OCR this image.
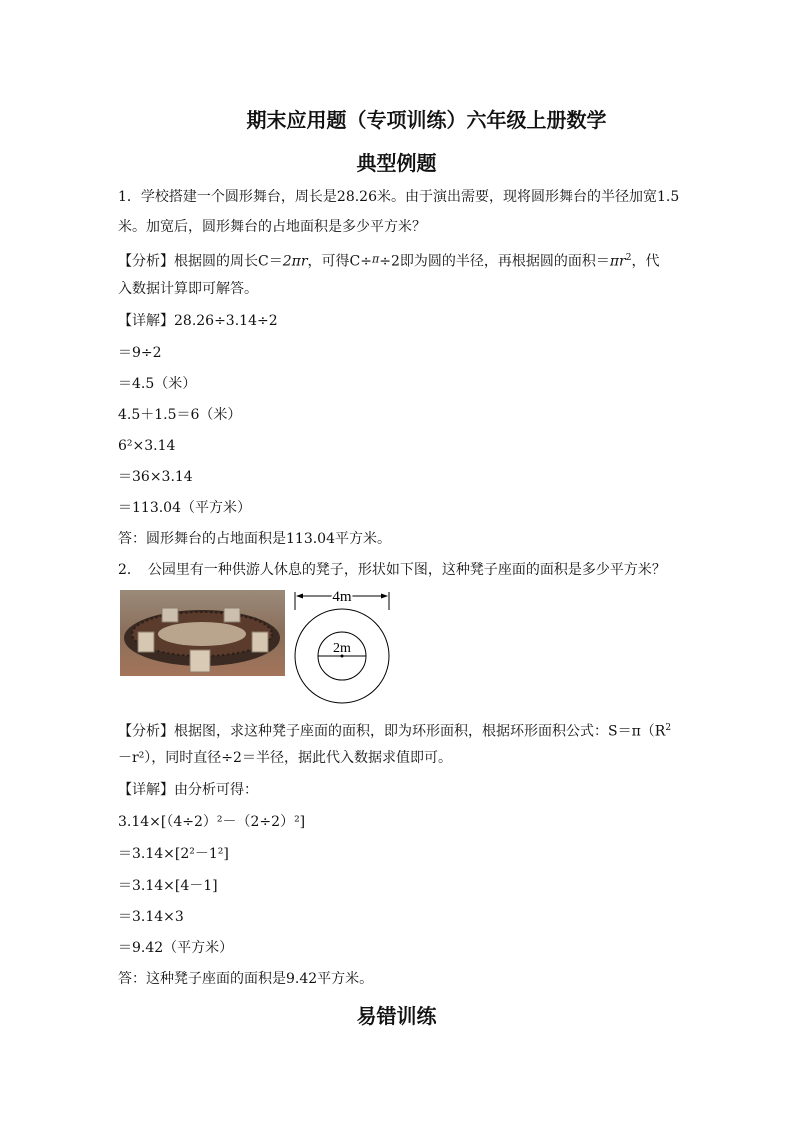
期末应用题（专项训练）六年级上册数学
典型例题

1．学校搭建一个圆形舞台，周长是28.26米。由于演出需要，现将圆形舞台的半径加宽1.5

米。加宽后，圆形舞台的占地面积是多少平方米？

【分析】根据圆的周长C＝2πr，可得C÷$^\pi$÷2即为圆的半径，再根据圆的面积$=\pi r^2$，代

入数据计算即可解答。

【详解】28.26÷3.14÷2

＝9÷2

＝4.5（米）

4.5＋1.5＝6（米）

6²×3.14

＝36×3.14

＝113.04（平方米）

答：圆形舞台的占地面积是113.04平方米。

2．　公园里有一种供游人休息的凳子，形状如下图，这种凳子座面的面积是多少平方米？

4m
2m

【分析】根据图，求这种凳子座面的面积，即为环形面积，根据环形面积公式：$S=\pi(R^2$

－r²），同时直径÷2＝半径，据此代入数据求值即可。

【详解】由分析可得：

3.14×[（4÷2）²－（2÷2）²]

＝3.14×[2²－1²]

＝3.14×[4－1]

＝3.14×3

＝9.42（平方米）

答：这种凳子座面的面积是9.42平方米。

易错训练
